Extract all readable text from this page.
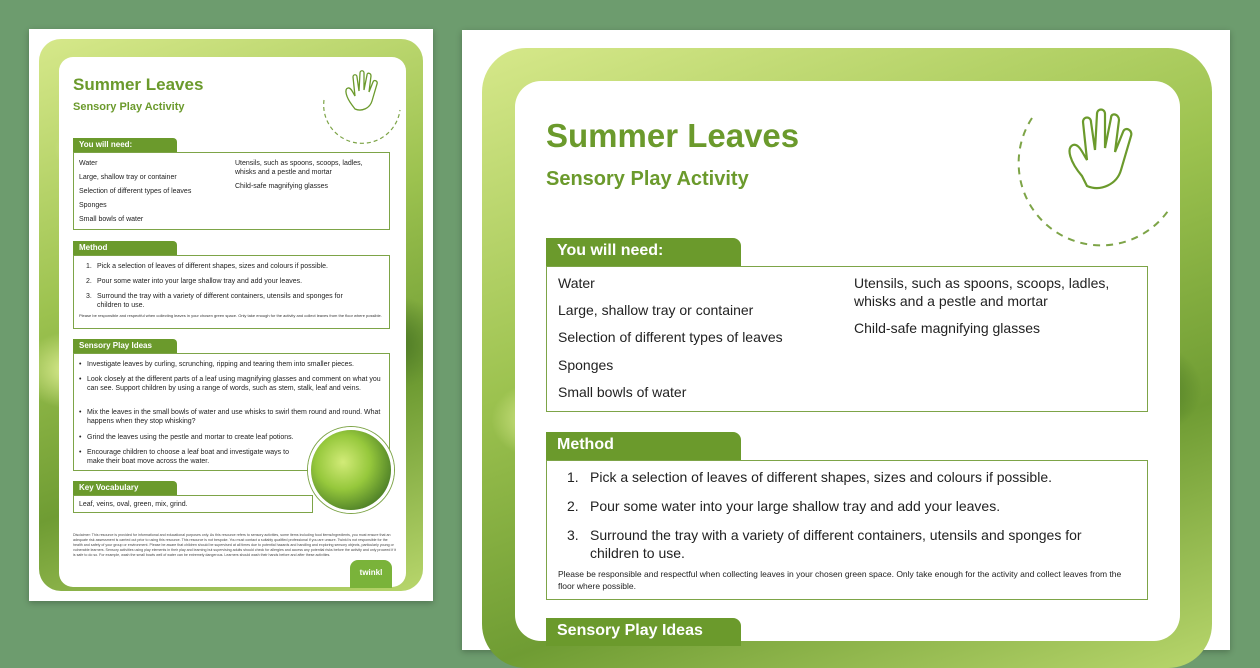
Summer Leaves
Sensory Play Activity
You will need:
Water
Large, shallow tray or container
Selection of different types of leaves
Sponges
Small bowls of water
Utensils, such as spoons, scoops, ladles, whisks and a pestle and mortar
Child-safe magnifying glasses
Method
1. Pick a selection of leaves of different shapes, sizes and colours if possible.
2. Pour some water into your large shallow tray and add your leaves.
3. Surround the tray with a variety of different containers, utensils and sponges for children to use.
Please be responsible and respectful when collecting leaves in your chosen green space. Only take enough for the activity and collect leaves from the floor where possible.
Sensory Play Ideas
• Investigate leaves by curling, scrunching, ripping and tearing them into smaller pieces.
• Look closely at the different parts of a leaf using magnifying glasses and comment on what you can see. Support children by using a range of words, such as stem, stalk, leaf and veins.
• Mix the leaves in the small bowls of water and use whisks to swirl them round and round. What happens when they stop whisking?
• Grind the leaves using the pestle and mortar to create leaf potions.
• Encourage children to choose a leaf boat and investigate ways to make their boat move across the water.
Key Vocabulary
Leaf, veins, oval, green, mix, grind.
Disclaimer: This resource is provided for informational and educational purposes only. As this resource refers to sensory activities, some items including food items/ingredients, you must ensure that an adequate risk assessment is carried out prior to using this resource. This resource is not bespoke. You must contact a suitably qualified professional if you are unsure. Twinkl is not responsible for the health and safety of your group or environment. Please be aware that children should be supervised at all times due to potential hazards and handling and exploring sensory objects, particularly young or vulnerable learners. Sensory activities using play elements in their play and learning but supervising adults should check for allergies and access any potential risks before the activity and only proceed if it is safe to do so. For example, wash the small bowls well of water can be extremely dangerous. Learners should wash their hands before and after these activities.
twinkl
Summer Leaves
Sensory Play Activity
You will need:
Water
Large, shallow tray or container
Selection of different types of leaves
Sponges
Small bowls of water
Utensils, such as spoons, scoops, ladles, whisks and a pestle and mortar
Child-safe magnifying glasses
Method
1. Pick a selection of leaves of different shapes, sizes and colours if possible.
2. Pour some water into your large shallow tray and add your leaves.
3. Surround the tray with a variety of different containers, utensils and sponges for children to use.
Please be responsible and respectful when collecting leaves in your chosen green space. Only take enough for the activity and collect leaves from the floor where possible.
Sensory Play Ideas
